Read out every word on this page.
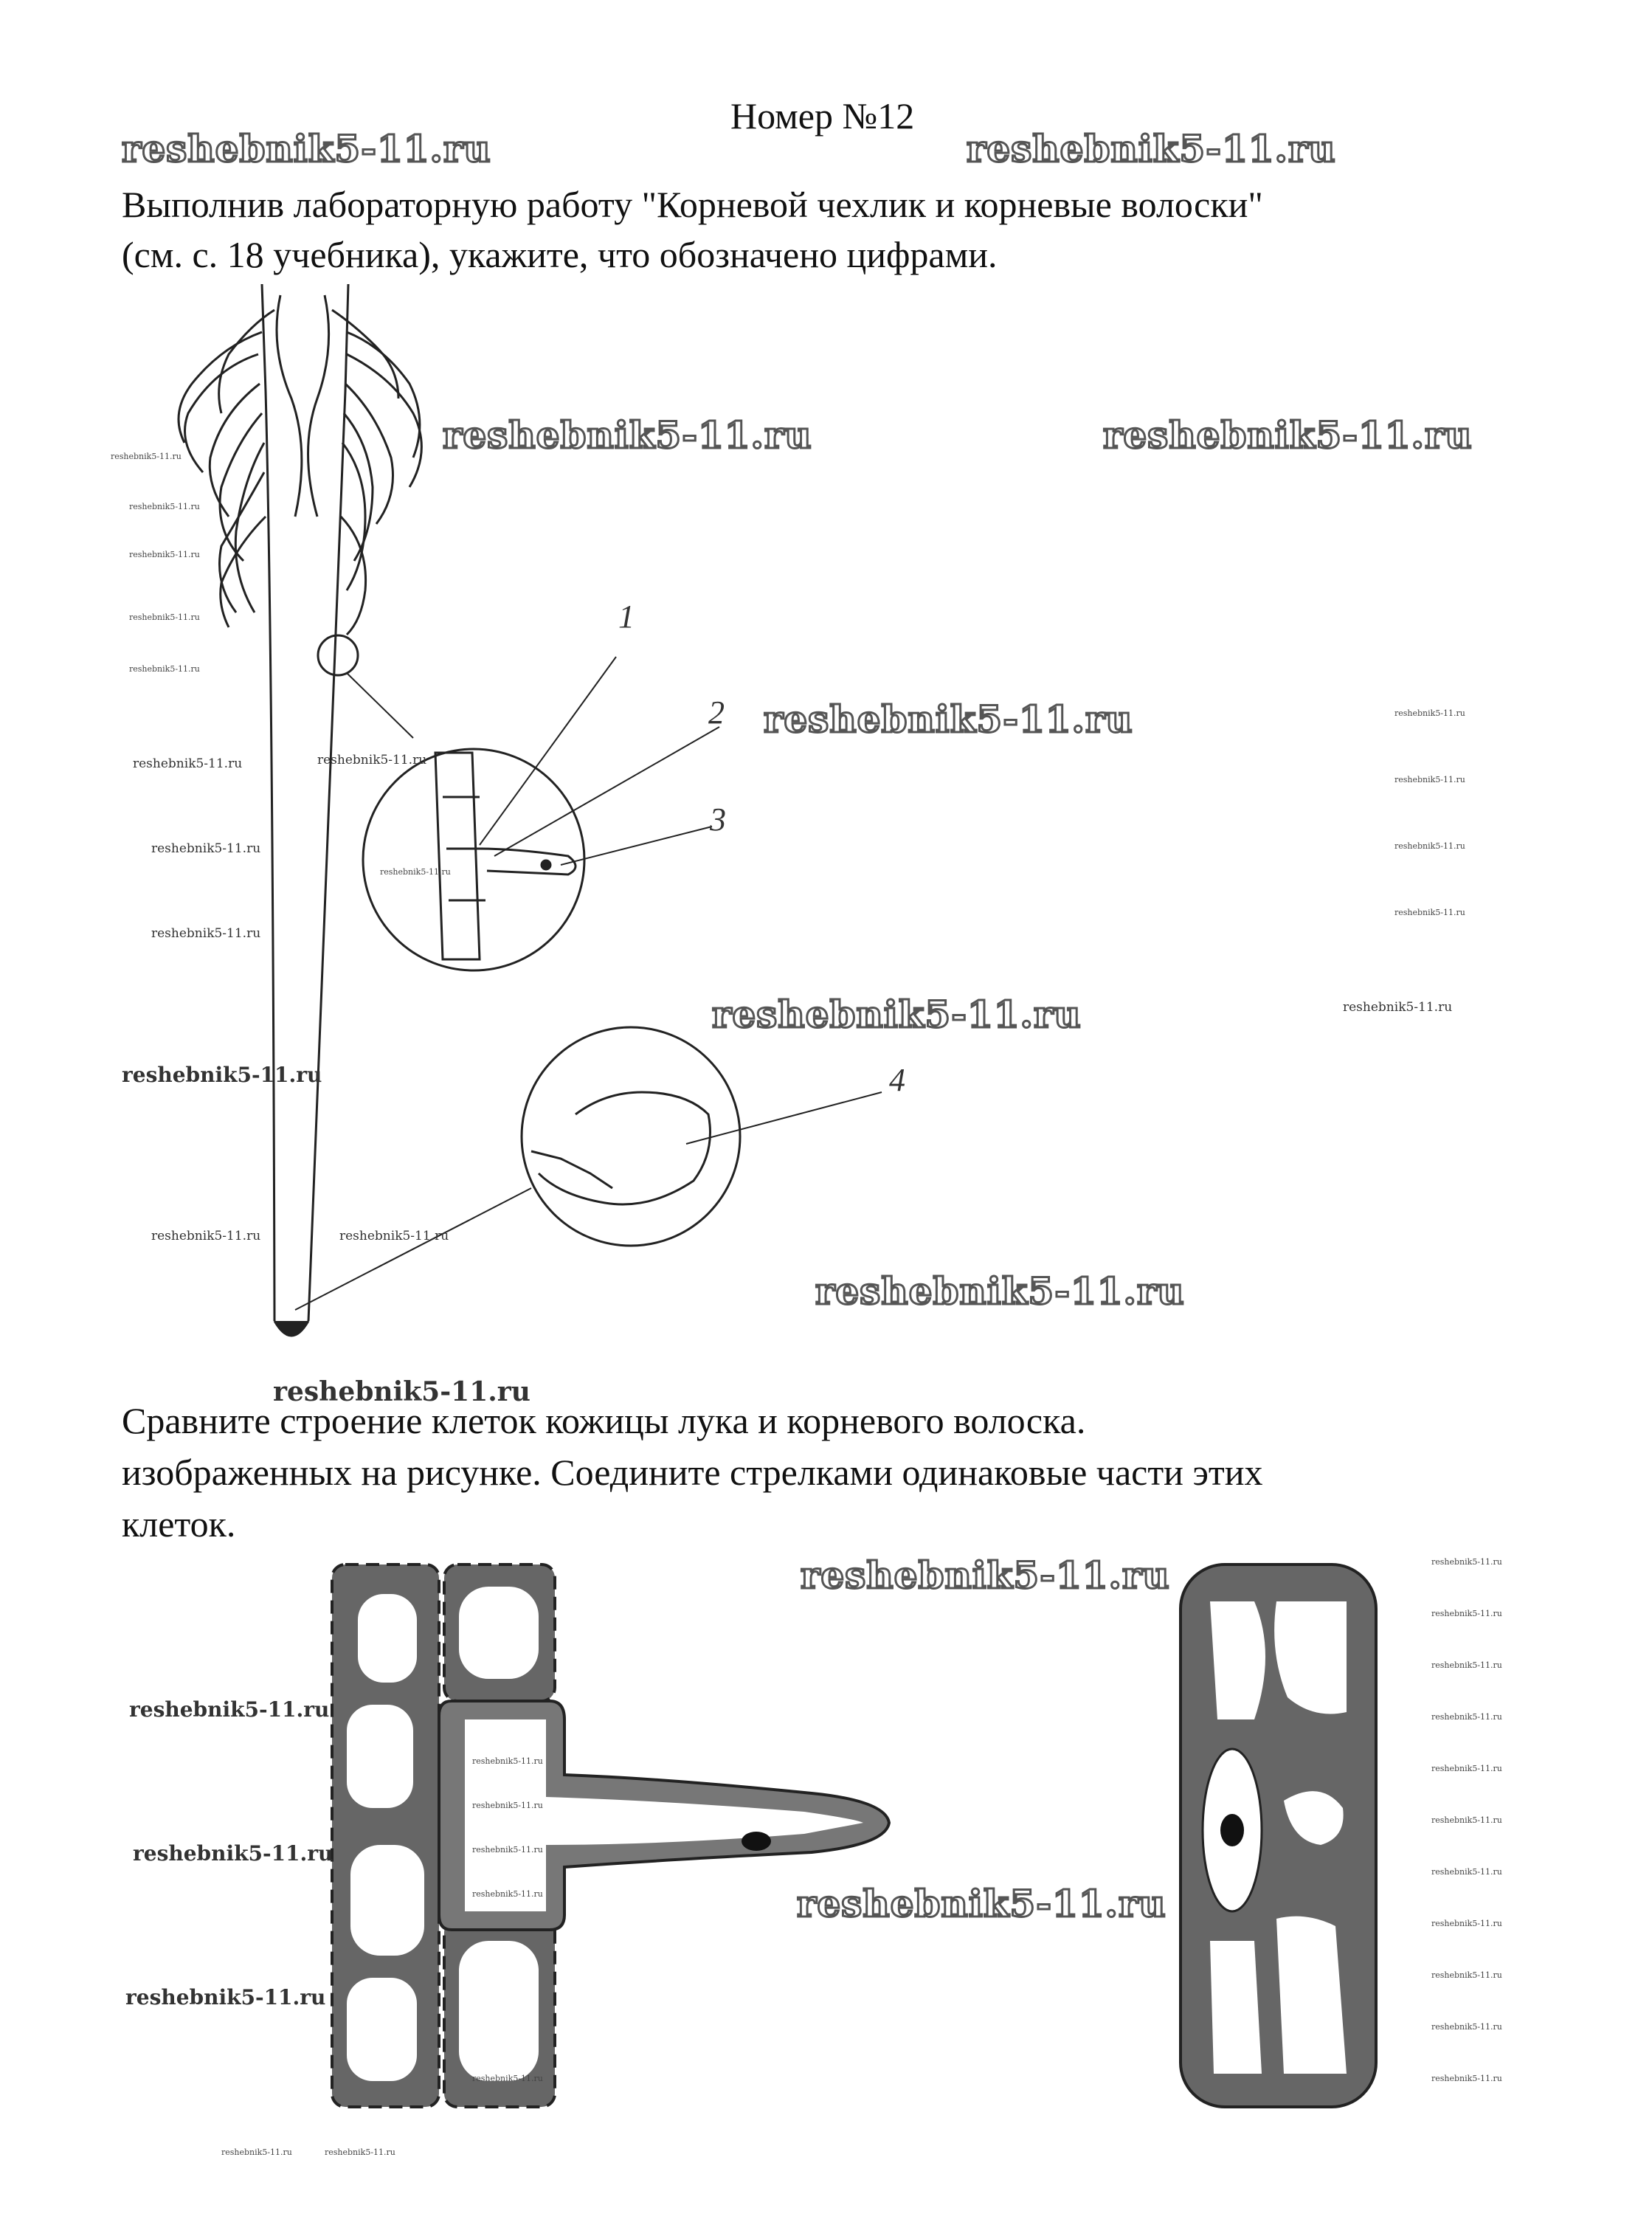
Номер №12
Выполнив лабораторную работу "Корневой чехлик и корневые волоски"
(см. с. 18 учебника), укажите, что обозначено цифрами.
Сравните строение клеток кожицы лука и корневого волоска.
изображенных на рисунке. Соедините стрелками одинаковые части этих
клеток.
1
2
3
4
reshebnik5-11.ru	reshebnik5-11.ru
reshebnik5-11.ru	reshebnik5-11.ru
reshebnik5-11.ru
reshebnik5-11.ru
reshebnik5-11.ru
reshebnik5-11.ru
reshebnik5-11.ru
reshebnik5-11.ru
reshebnik5-11.ru
reshebnik5-11.ru
reshebnik5-11.ru
reshebnik5-11.ru
reshebnik5-11.ru
reshebnik5-11.ru
reshebnik5-11.ru
reshebnik5-11.ru	reshebnik5-11.ru
reshebnik5-11.ru
reshebnik5-11.ru
reshebnik5-11.ru
reshebnik5-11.ru
reshebnik5-11.ru
reshebnik5-11.ru
reshebnik5-11.ru
reshebnik5-11.ru
reshebnik5-11.ru
reshebnik5-11.ru
reshebnik5-11.ru
reshebnik5-11.ru
reshebnik5-11.ru
reshebnik5-11.ru
reshebnik5-11.ru
reshebnik5-11.ru
reshebnik5-11.ru
reshebnik5-11.ru
reshebnik5-11.ru
reshebnik5-11.ru
reshebnik5-11.ru
reshebnik5-11.ru
reshebnik5-11.ru
reshebnik5-11.ru
reshebnik5-11.ru
reshebnik5-11.ru
reshebnik5-11.ru
reshebnik5-11.ru
reshebnik5-11.ru	reshebnik5-11.ru
